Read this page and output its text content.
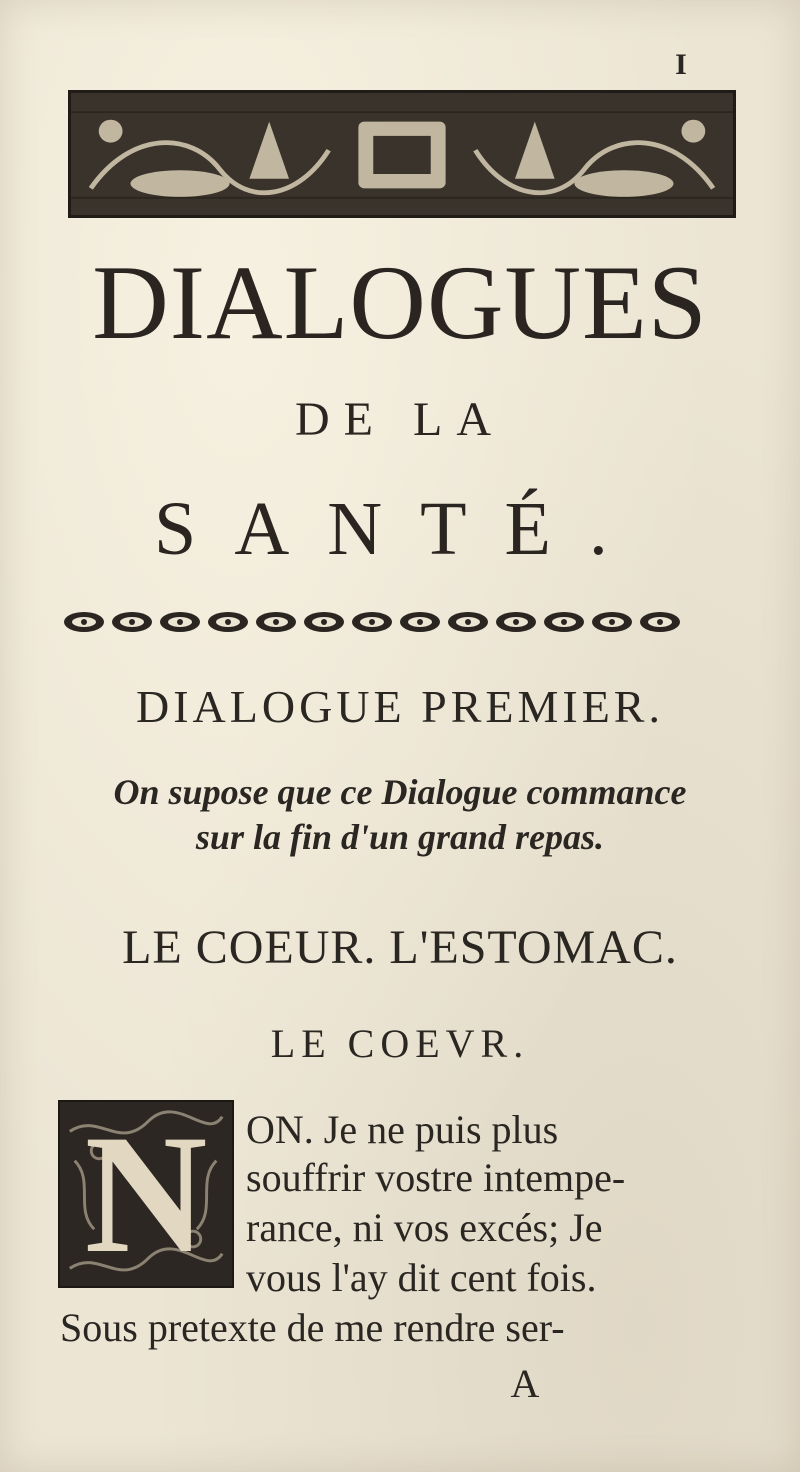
I
DIALOGUES
DE LA
SANTÉ.
DIALOGUE PREMIER.
On supose que ce Dialogue commance
sur la fin d'un grand repas.
LE COEUR. L'ESTOMAC.
LE COEVR.
N ON. Je ne puis plus
souffrir vostre intempe-
rance, ni vos excés; Je
vous l'ay dit cent fois.
Sous pretexte de me rendre ser-
A
